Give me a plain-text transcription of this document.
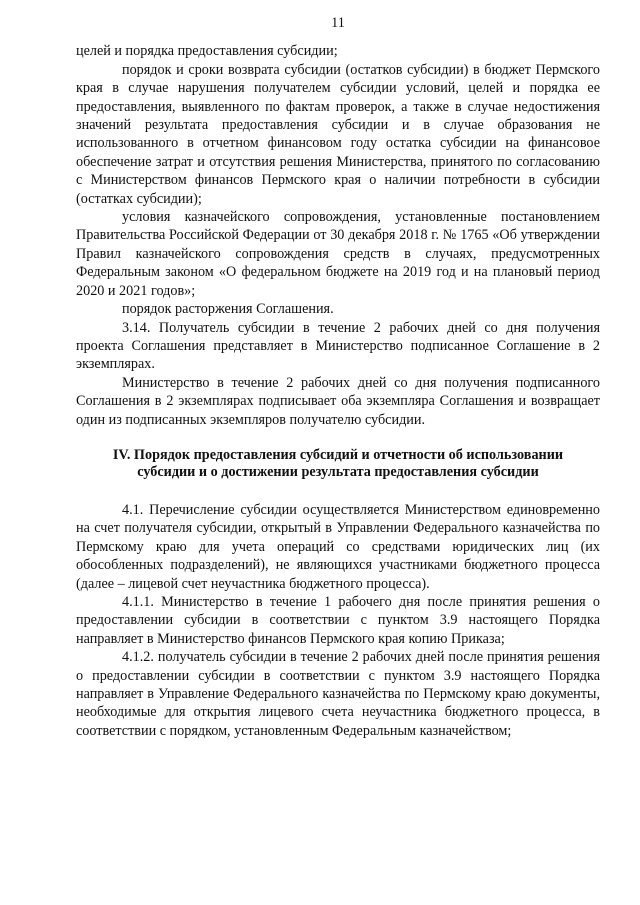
11

целей и порядка предоставления субсидии;

порядок и сроки возврата субсидии (остатков субсидии) в бюджет Пермского края в случае нарушения получателем субсидии условий, целей и порядка ее предоставления, выявленного по фактам проверок, а также в случае недостижения значений результата предоставления субсидии и в случае образования не использованного в отчетном финансовом году остатка субсидии на финансовое обеспечение затрат и отсутствия решения Министерства, принятого по согласованию с Министерством финансов Пермского края о наличии потребности в субсидии (остатках субсидии);

условия казначейского сопровождения, установленные постановлением Правительства Российской Федерации от 30 декабря 2018 г. № 1765 «Об утверждении Правил казначейского сопровождения средств в случаях, предусмотренных Федеральным законом «О федеральном бюджете на 2019 год и на плановый период 2020 и 2021 годов»;

порядок расторжения Соглашения.

3.14. Получатель субсидии в течение 2 рабочих дней со дня получения проекта Соглашения представляет в Министерство подписанное Соглашение в 2 экземплярах.

Министерство в течение 2 рабочих дней со дня получения подписанного Соглашения в 2 экземплярах подписывает оба экземпляра Соглашения и возвращает один из подписанных экземпляров получателю субсидии.

IV. Порядок предоставления субсидий и отчетности об использовании
субсидии и о достижении результата предоставления субсидии

4.1. Перечисление субсидии осуществляется Министерством единовременно на счет получателя субсидии, открытый в Управлении Федерального казначейства по Пермскому краю для учета операций со средствами юридических лиц (их обособленных подразделений), не являющихся участниками бюджетного процесса (далее – лицевой счет неучастника бюджетного процесса).

4.1.1. Министерство в течение 1 рабочего дня после принятия решения о предоставлении субсидии в соответствии с пунктом 3.9 настоящего Порядка направляет в Министерство финансов Пермского края копию Приказа;

4.1.2. получатель субсидии в течение 2 рабочих дней после принятия решения о предоставлении субсидии в соответствии с пунктом 3.9 настоящего Порядка направляет в Управление Федерального казначейства по Пермскому краю документы, необходимые для открытия лицевого счета неучастника бюджетного процесса, в соответствии с порядком, установленным Федеральным казначейством;
